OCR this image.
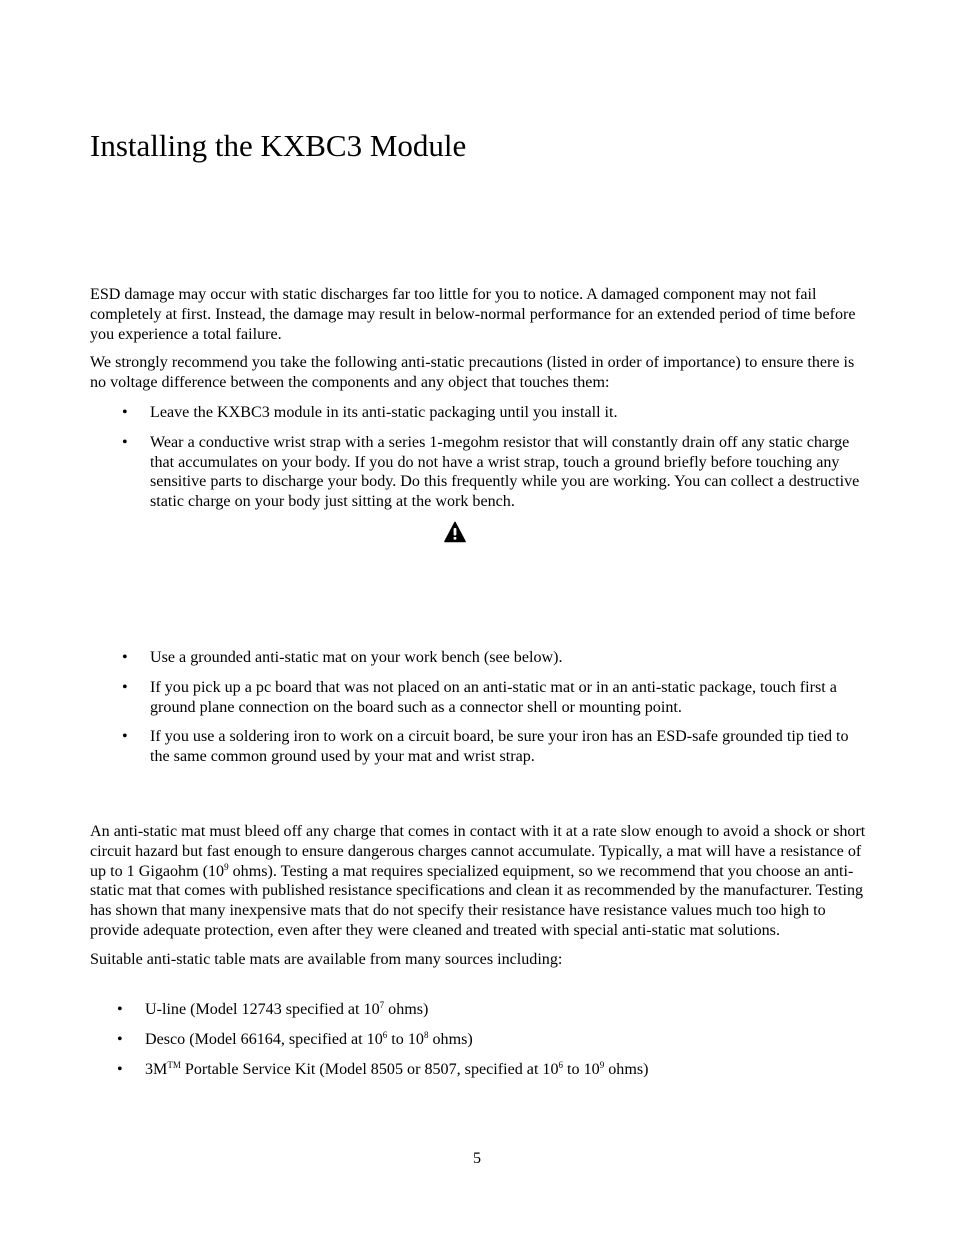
Installing the KXBC3 Module

ESD damage may occur with static discharges far too little for you to notice. A damaged component may not fail completely at first. Instead, the damage may result in below-normal performance for an extended period of time before you experience a total failure.

We strongly recommend you take the following anti-static precautions (listed in order of importance) to ensure there is no voltage difference between the components and any object that touches them:

• Leave the KXBC3 module in its anti-static packaging until you install it.
• Wear a conductive wrist strap with a series 1-megohm resistor that will constantly drain off any static charge that accumulates on your body. If you do not have a wrist strap, touch a ground briefly before touching any sensitive parts to discharge your body. Do this frequently while you are working. You can collect a destructive static charge on your body just sitting at the work bench.
• Use a grounded anti-static mat on your work bench (see below).
• If you pick up a pc board that was not placed on an anti-static mat or in an anti-static package, touch first a ground plane connection on the board such as a connector shell or mounting point.
• If you use a soldering iron to work on a circuit board, be sure your iron has an ESD-safe grounded tip tied to the same common ground used by your mat and wrist strap.

An anti-static mat must bleed off any charge that comes in contact with it at a rate slow enough to avoid a shock or short circuit hazard but fast enough to ensure dangerous charges cannot accumulate. Typically, a mat will have a resistance of up to 1 Gigaohm ($10^9$ ohms). Testing a mat requires specialized equipment, so we recommend that you choose an anti-static mat that comes with published resistance specifications and clean it as recommended by the manufacturer. Testing has shown that many inexpensive mats that do not specify their resistance have resistance values much too high to provide adequate protection, even after they were cleaned and treated with special anti-static mat solutions.

Suitable anti-static table mats are available from many sources including:

• U-line (Model 12743 specified at $10^7$ ohms)
• Desco (Model 66164, specified at $10^6$ to $10^8$ ohms)
• 3M™ Portable Service Kit (Model 8505 or 8507, specified at $10^6$ to $10^9$ ohms)
5
